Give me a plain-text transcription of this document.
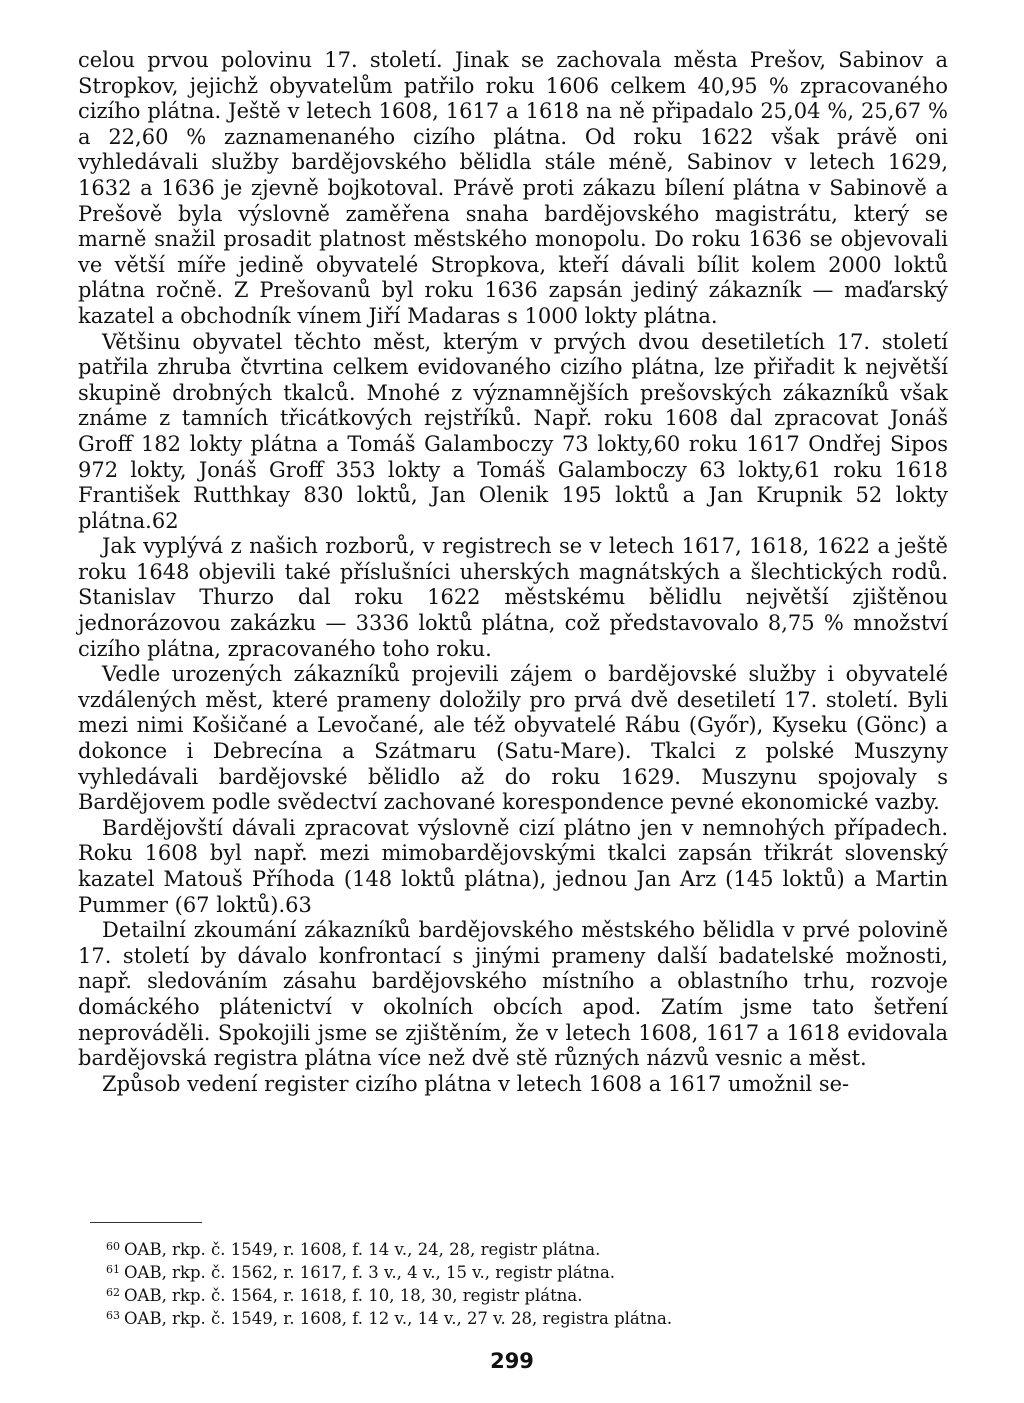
celou prvou polovinu 17. století. Jinak se zachovala města Prešov, Sabinov a Stropkov, jejichž obyvatelům patřilo roku 1606 celkem 40,95 % zpracovaného cizího plátna. Ještě v letech 1608, 1617 a 1618 na ně připadalo 25,04 %, 25,67 % a 22,60 % zaznamenaného cizího plátna. Od roku 1622 však právě oni vyhledávali služby bardějovského bělidla stále méně, Sabinov v letech 1629, 1632 a 1636 je zjevně bojkotoval. Právě proti zákazu bílení plátna v Sabinově a Prešově byla výslovně zaměřena snaha bardějovského magistrátu, který se marně snažil prosadit platnost městského monopolu. Do roku 1636 se objevovali ve větší míře jedině obyvatelé Stropkova, kteří dávali bílit kolem 2000 loktů plátna ročně. Z Prešovanů byl roku 1636 zapsán jediný zákazník — maďarský kazatel a obchodník vínem Jiří Madaras s 1000 lokty plátna.

Většinu obyvatel těchto měst, kterým v prvých dvou desetiletích 17. století patřila zhruba čtvrtina celkem evidovaného cizího plátna, lze přiřadit k největší skupině drobných tkalců. Mnohé z významnějších prešovských zákazníků však známe z tamních třicátkových rejstříků. Např. roku 1608 dal zpracovat Jonáš Groff 182 lokty plátna a Tomáš Galamboczy 73 lokty,60 roku 1617 Ondřej Sipos 972 lokty, Jonáš Groff 353 lokty a Tomáš Galamboczy 63 lokty,61 roku 1618 František Rutthkay 830 loktů, Jan Olenik 195 loktů a Jan Krupnik 52 lokty plátna.62

Jak vyplývá z našich rozborů, v registrech se v letech 1617, 1618, 1622 a ještě roku 1648 objevili také příslušníci uherských magnátských a šlechtických rodů. Stanislav Thurzo dal roku 1622 městskému bělidlu největší zjištěnou jednorázovou zakázku — 3336 loktů plátna, což představovalo 8,75 % množství cizího plátna, zpracovaného toho roku.

Vedle urozených zákazníků projevili zájem o bardějovské služby i obyvatelé vzdálených měst, které prameny doložily pro prvá dvě desetiletí 17. století. Byli mezi nimi Košičané a Levočané, ale též obyvatelé Rábu (Győr), Kyseku (Gönc) a dokonce i Debrecína a Szátmaru (Satu-Mare). Tkalci z polské Muszyny vyhledávali bardějovské bělidlo až do roku 1629. Muszynu spojovaly s Bardějovem podle svědectví zachované korespondence pevné ekonomické vazby.

Bardějovští dávali zpracovat výslovně cizí plátno jen v nemnohých případech. Roku 1608 byl např. mezi mimobardějovskými tkalci zapsán třikrát slovenský kazatel Matouš Příhoda (148 loktů plátna), jednou Jan Arz (145 loktů) a Martin Pummer (67 loktů).63

Detailní zkoumání zákazníků bardějovského městského bělidla v prvé polovině 17. století by dávalo konfrontací s jinými prameny další badatelské možnosti, např. sledováním zásahu bardějovského místního a oblastního trhu, rozvoje domáckého plátenictví v okolních obcích apod. Zatím jsme tato šetření neprováděli. Spokojili jsme se zjištěním, že v letech 1608, 1617 a 1618 evidovala bardějovská registra plátna více než dvě stě různých názvů vesnic a měst.

Způsob vedení register cizího plátna v letech 1608 a 1617 umožnil se-

$^{60}$ OAB, rkp. č. 1549, r. 1608, f. 14 v., 24, 28, registr plátna.
$^{61}$ OAB, rkp. č. 1562, r. 1617, f. 3 v., 4 v., 15 v., registr plátna.
$^{62}$ OAB, rkp. č. 1564, r. 1618, f. 10, 18, 30, registr plátna.
$^{63}$ OAB, rkp. č. 1549, r. 1608, f. 12 v., 14 v., 27 v. 28, registra plátna.
299
